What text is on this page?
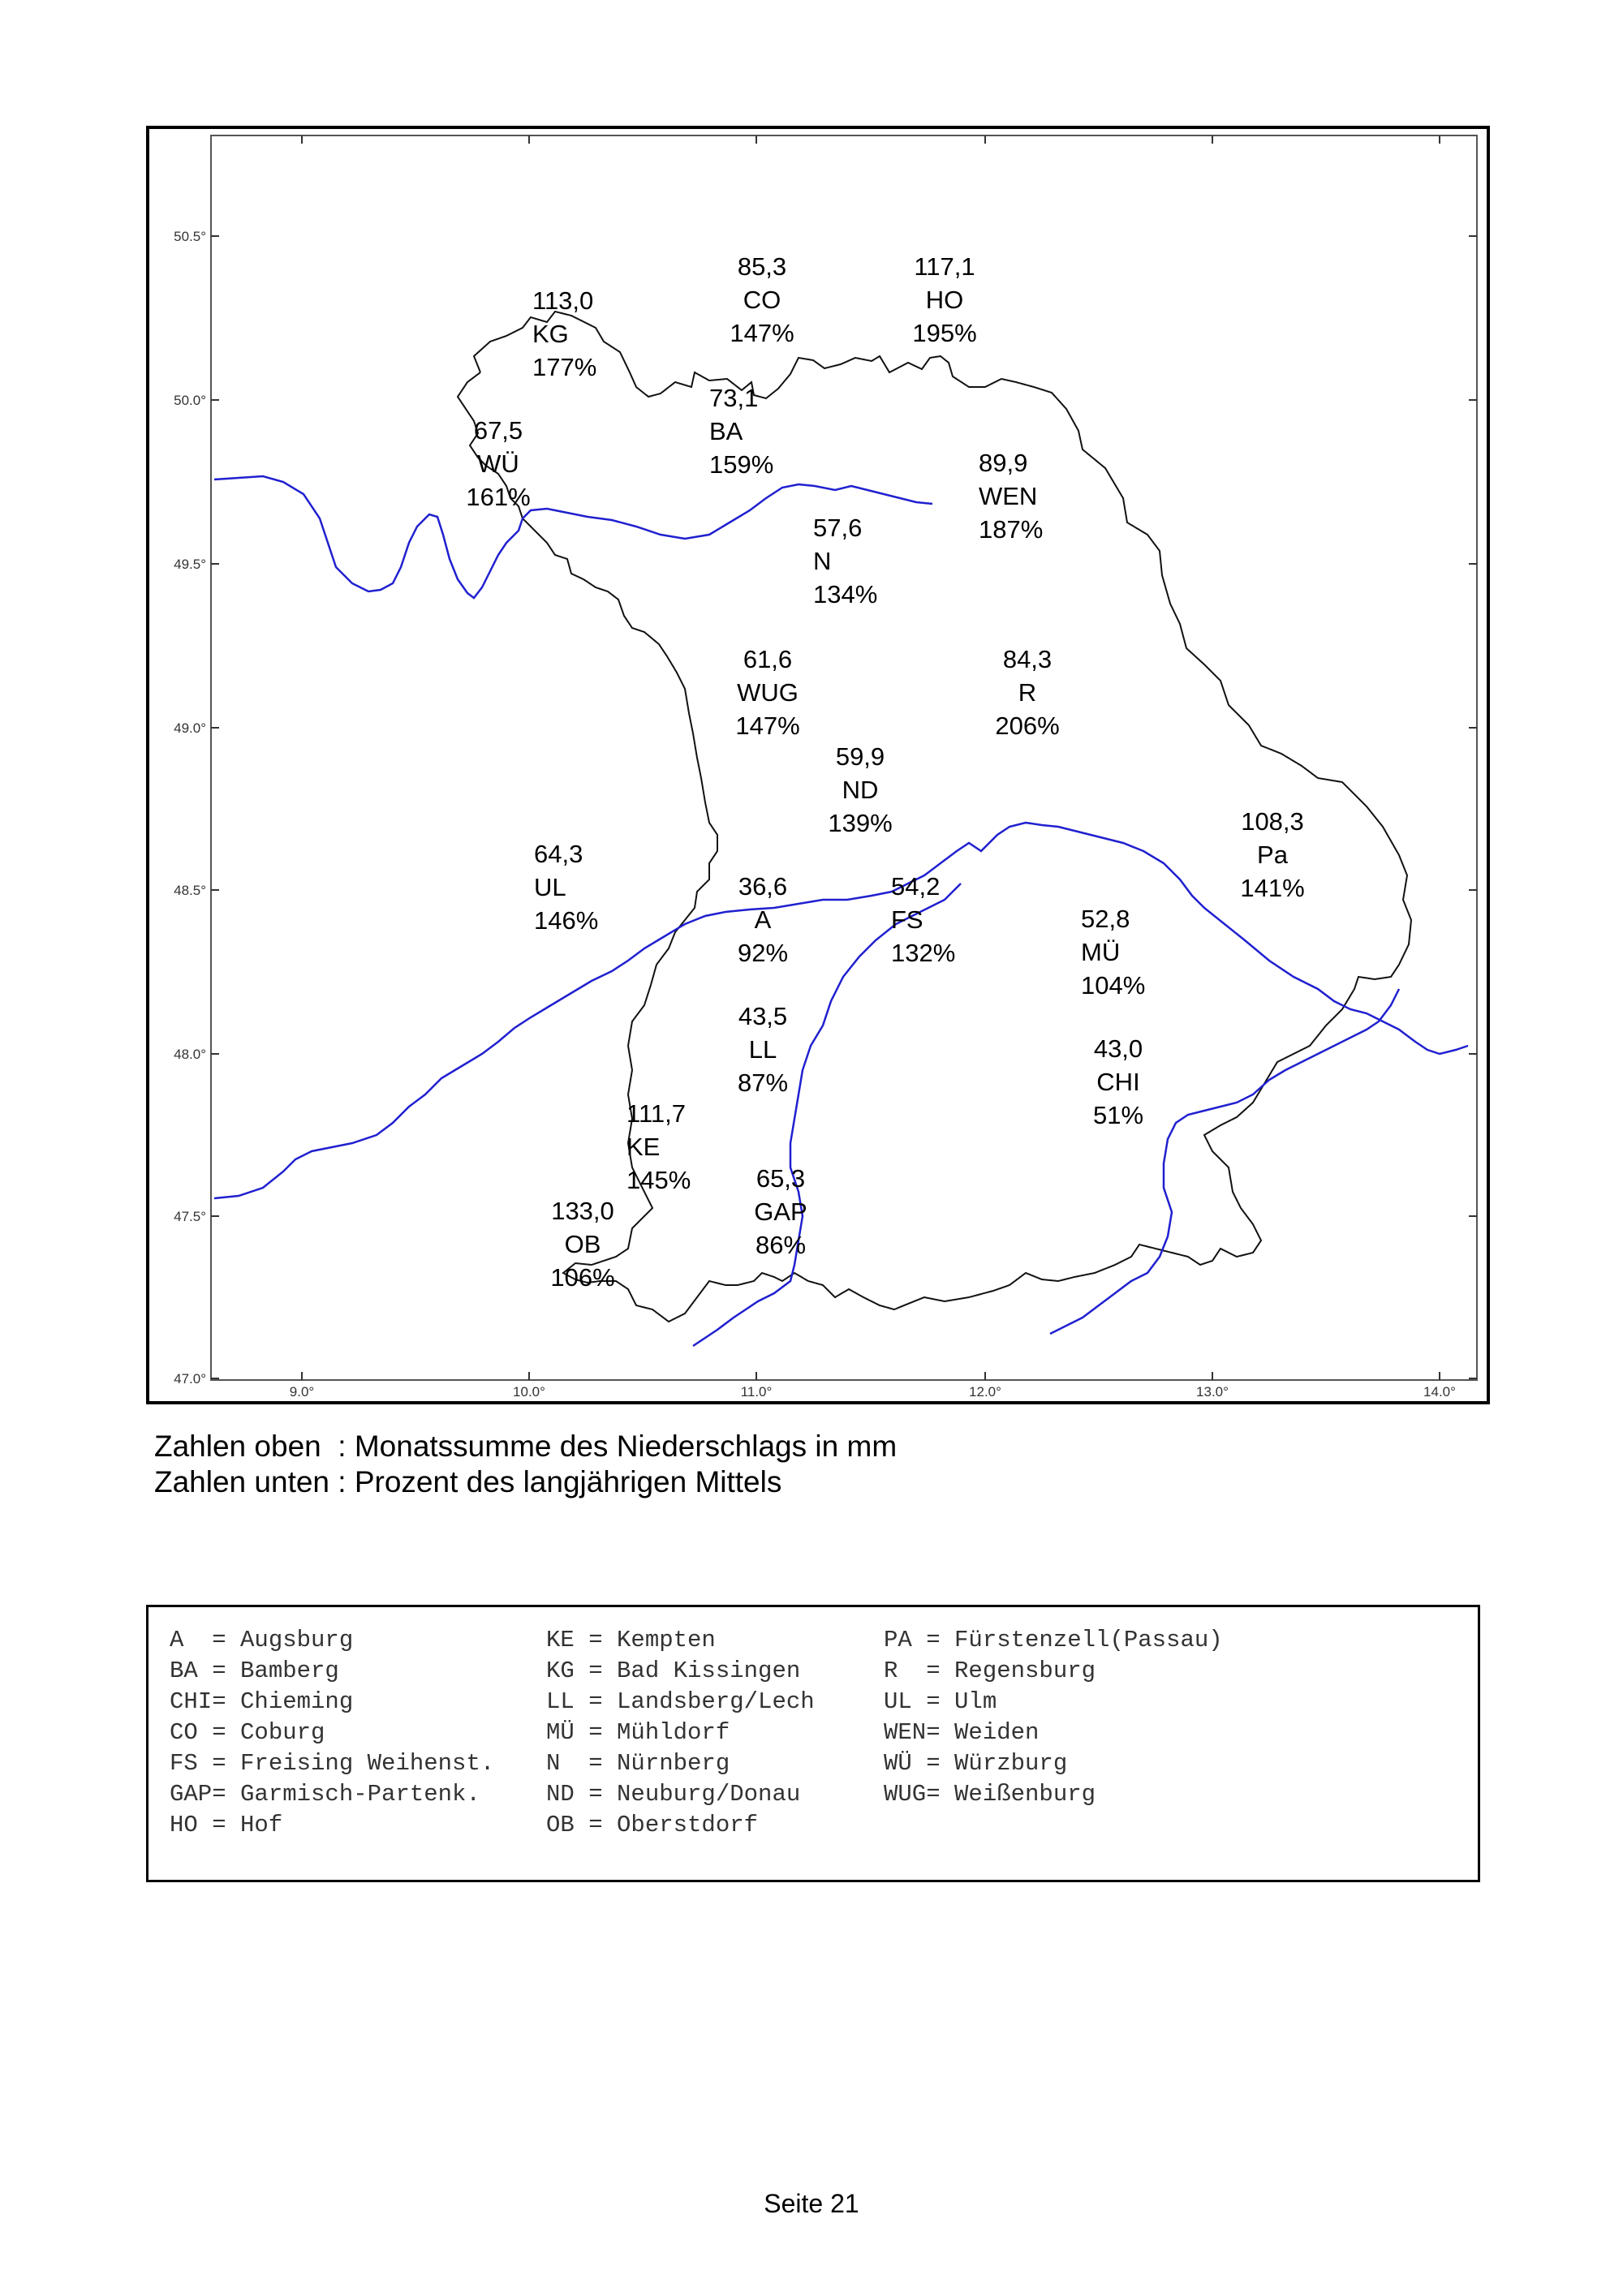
50.5°
50.0°
49.5°
49.0°
48.5°
48.0°
47.5°
47.0°
9.0°	10.0°	11.0°	12.0°	13.0°	14.0°
113,0
KG
177%
85,3
CO
147%
117,1
HO
195%
73,1
BA
159%
67,5
WÜ
161%
89,9
WEN
187%
57,6
N
134%
61,6
WUG
147%
84,3
R
206%
59,9
ND
139%	108,3
Pa
141%
64,3
UL
146%
36,6
A
92%
54,2
FS
132%
52,8
MÜ
104%
43,5
LL
87%
43,0
CHI
51%
111,7
KE
145%	65,3
GAP
86%
133,0
OB
106%
Zahlen oben  : Monatssumme des Niederschlags in mm
Zahlen unten : Prozent des langjährigen Mittels
A  = Augsburg
BA = Bamberg
CHI= Chieming
CO = Coburg
FS = Freising Weihenst.
GAP= Garmisch-Partenk.
HO = Hof
KE = Kempten
KG = Bad Kissingen
LL = Landsberg/Lech
MÜ = Mühldorf
N  = Nürnberg
ND = Neuburg/Donau
OB = Oberstdorf
PA = Fürstenzell(Passau)
R  = Regensburg
UL = Ulm
WEN= Weiden
WÜ = Würzburg
WUG= Weißenburg
Seite 21
